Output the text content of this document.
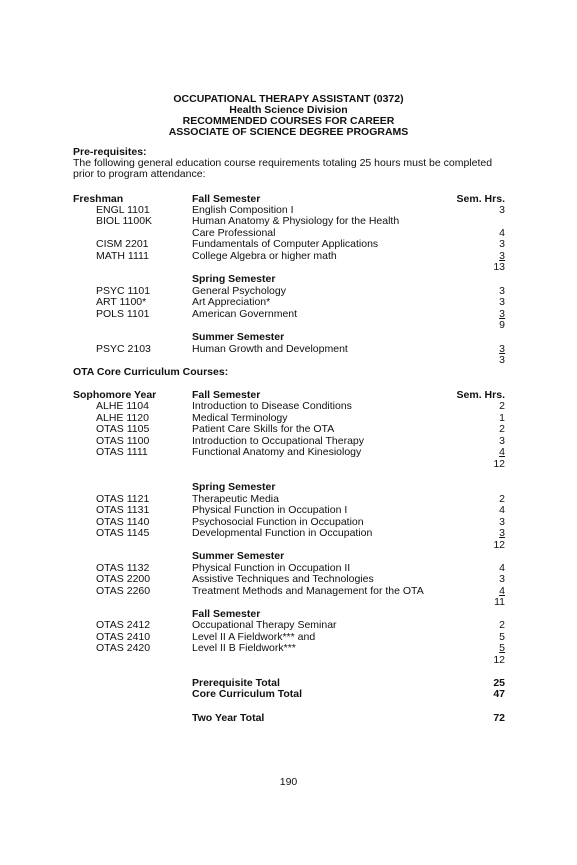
OCCUPATIONAL THERAPY ASSISTANT (0372)
Health Science Division
RECOMMENDED COURSES FOR CAREER
ASSOCIATE OF SCIENCE DEGREE PROGRAMS
Pre-requisites:
The following general education course requirements totaling 25 hours must be completed
prior to program attendance:
Freshman	Fall Semester	Sem. Hrs.
ENGL 1101	English Composition I	3
BIOL 1100K	Human Anatomy & Physiology for the Health
Care Professional	4
CISM 2201	Fundamentals of Computer Applications	3
MATH 1111	College Algebra or higher math	3
13
Spring Semester
PSYC 1101	General Psychology	3
ART 1100*	Art Appreciation*	3
POLS 1101	American Government	3
9
Summer Semester
PSYC 2103	Human Growth and Development	3
3
OTA Core Curriculum Courses:
Sophomore Year	Fall Semester	Sem. Hrs.
ALHE 1104	Introduction to Disease Conditions	2
ALHE 1120	Medical Terminology	1
OTAS 1105	Patient Care Skills for the OTA	2
OTAS 1100	Introduction to Occupational Therapy	3
OTAS 1111	Functional Anatomy and Kinesiology	4
12
Spring Semester
OTAS 1121	Therapeutic Media	2
OTAS 1131	Physical Function in Occupation I	4
OTAS 1140	Psychosocial Function in Occupation	3
OTAS 1145	Developmental Function in Occupation	3
12
Summer Semester
OTAS 1132	Physical Function in Occupation II	4
OTAS 2200	Assistive Techniques and Technologies	3
OTAS 2260	Treatment Methods and Management for the OTA	4
11
Fall Semester
OTAS 2412	Occupational Therapy Seminar	2
OTAS 2410	Level II A Fieldwork*** and	5
OTAS 2420	Level II B Fieldwork***	5
12
Prerequisite Total	25
Core Curriculum Total	47
Two Year Total	72
190
